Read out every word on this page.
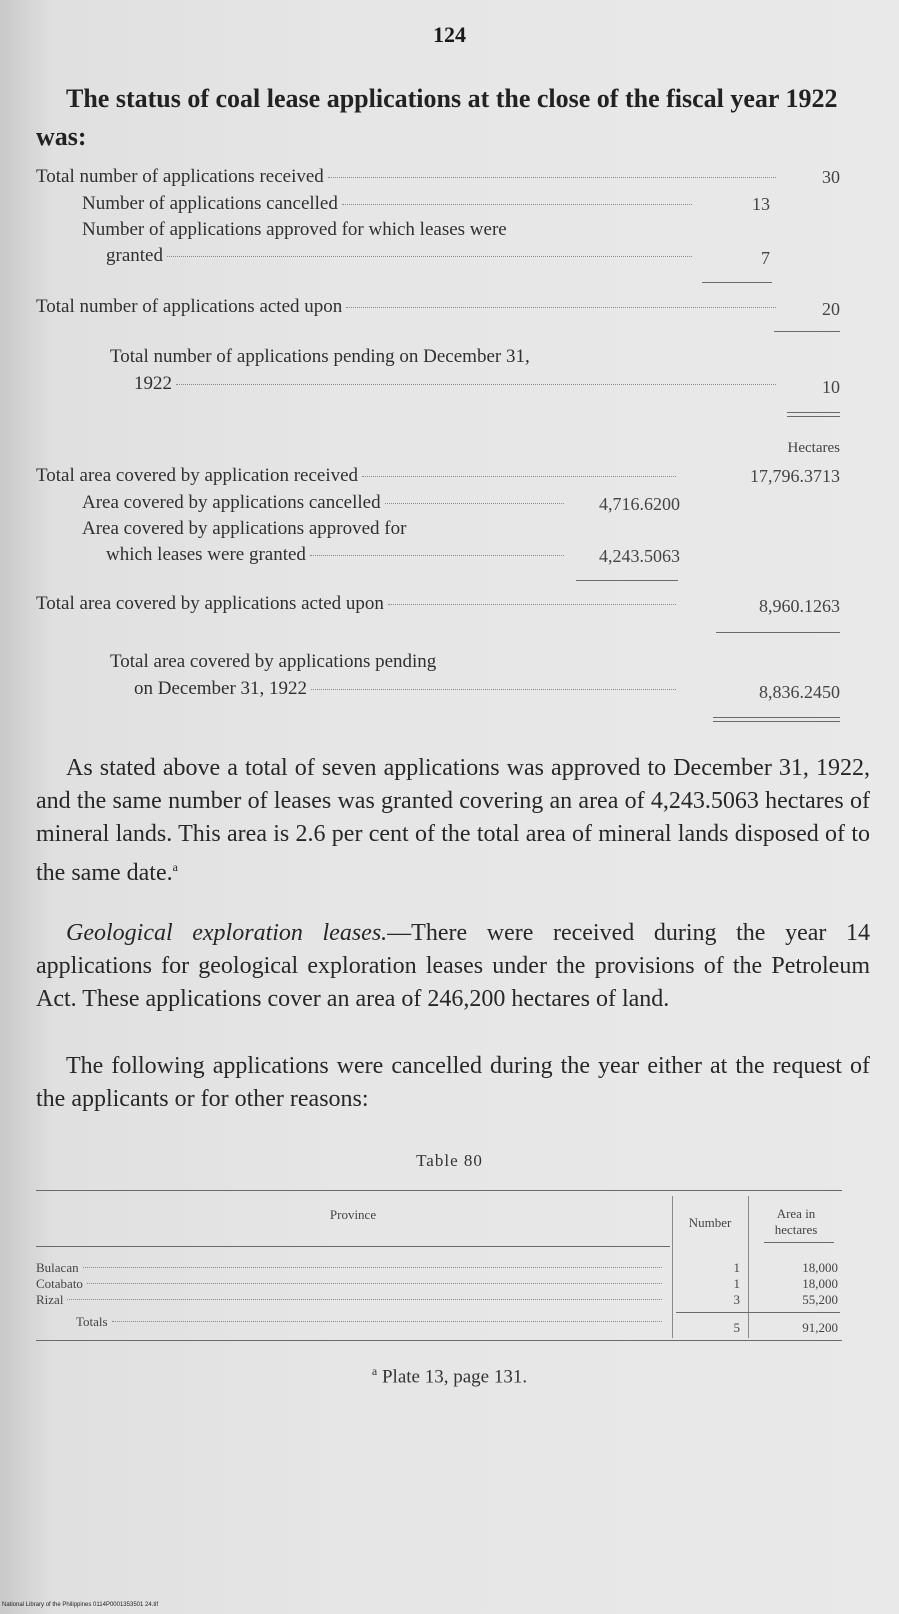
124
The status of coal lease applications at the close of the fiscal year 1922 was:
Total number of applications received	30
Number of applications cancelled	13
Number of applications approved for which leases were
granted	7
Total number of applications acted upon	20
Total number of applications pending on December 31,
1922	10
Hectares
Total area covered by application received	17,796.3713
Area covered by applications cancelled	4,716.6200
Area covered by applications approved for
which leases were granted	4,243.5063
Total area covered by applications acted upon	8,960.1263
Total area covered by applications pending
on December 31, 1922	8,836.2450

As stated above a total of seven applications was approved to December 31, 1922, and the same number of leases was granted covering an area of 4,243.5063 hectares of mineral lands. This area is 2.6 per cent of the total area of mineral lands disposed of to the same date.$^a$

Geological exploration leases.—There were received during the year 14 applications for geological exploration leases under the provisions of the Petroleum Act. These applications cover an area of 246,200 hectares of land.

The following applications were cancelled during the year either at the request of the applicants or for other reasons:

Table 80
Province
Number
Area in
hectares
Bulacan	1	18,000
Cotabato	1	18,000
Rizal	3	55,200
Totals	5	91,200
$^a$ Plate 13, page 131.
National Library of the Philippines 0114P0001353501 24.tif
